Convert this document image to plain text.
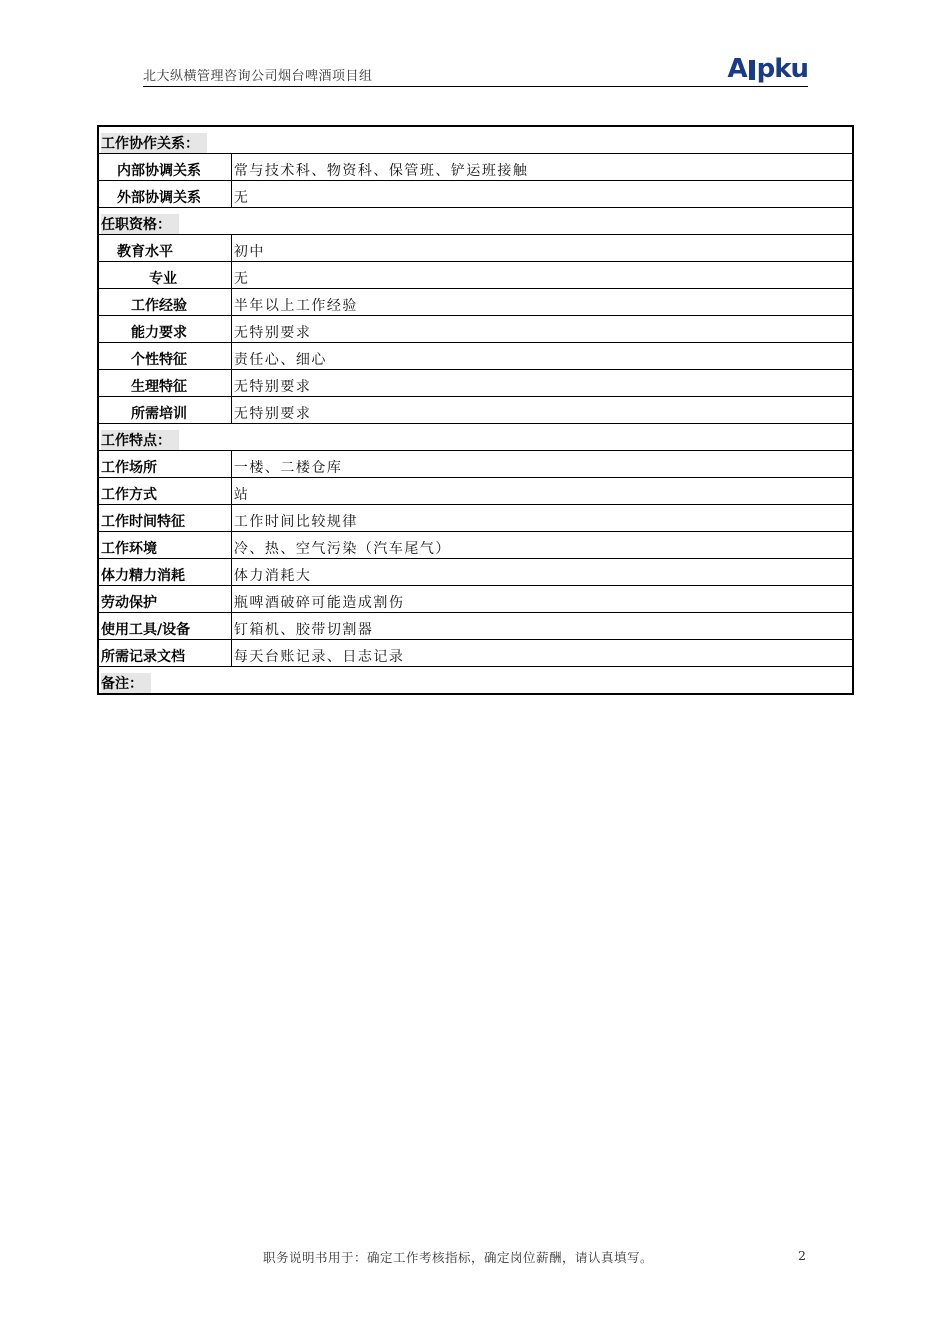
北大纵横管理咨询公司烟台啤酒项目组	A pku
工作协作关系：	
内部协调关系	常与技术科、物资科、保管班、铲运班接触
外部协调关系	无
任职资格：	
教育水平	初中
专业	无
工作经验	半年以上工作经验
能力要求	无特别要求
个性特征	责任心、细心
生理特征	无特别要求
所需培训	无特别要求
工作特点：	
工作场所	一楼、二楼仓库
工作方式	站
工作时间特征	工作时间比较规律
工作环境	冷、热、空气污染（汽车尾气）
体力精力消耗	体力消耗大
劳动保护	瓶啤酒破碎可能造成割伤
使用工具/设备	钉箱机、胶带切割器
所需记录文档	每天台账记录、日志记录
备注：	
职务说明书用于：确定工作考核指标，确定岗位薪酬，请认真填写。	2
